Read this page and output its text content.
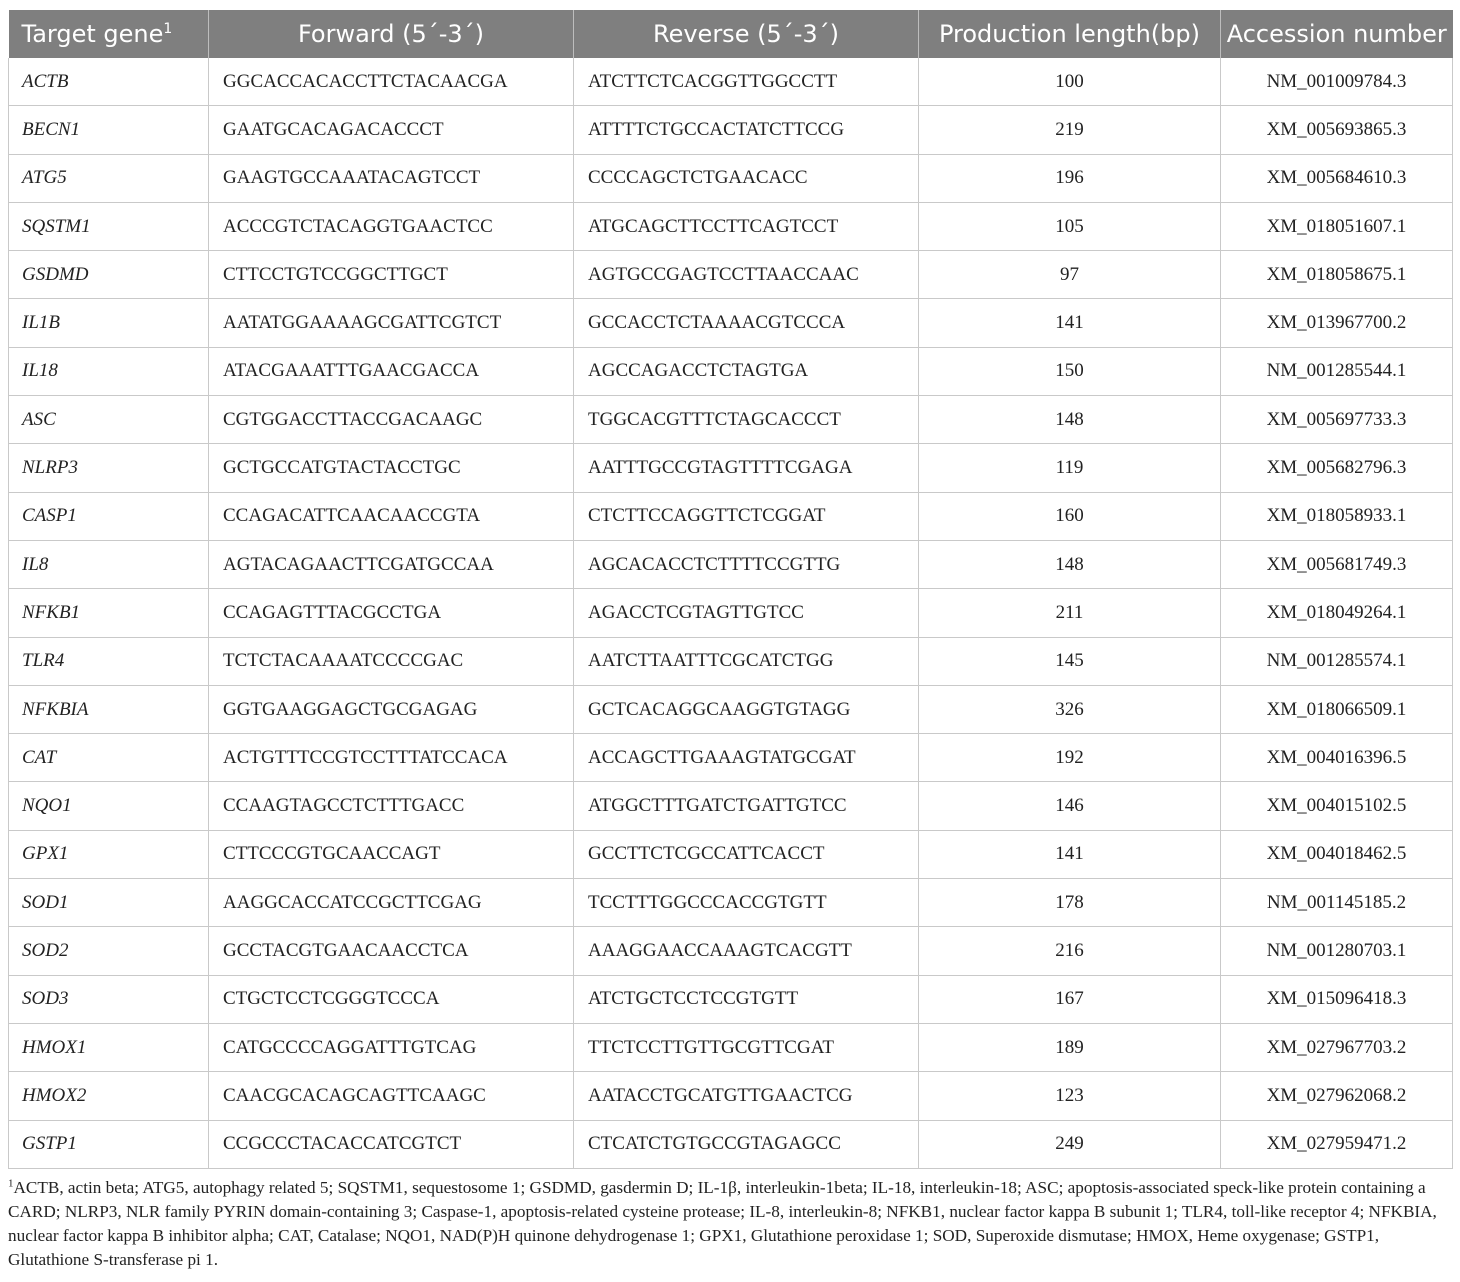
Target gene$^1$	Forward (5´-3´)	Reverse (5´-3´)	Production length(bp)	Accession number
ACTB	GGCACCACACCTTCTACAACGA	ATCTTCTCACGGTTGGCCTT	100	NM_001009784.3
BECN1	GAATGCACAGACACCCT	ATTTTCTGCCACTATCTTCCG	219	XM_005693865.3
ATG5	GAAGTGCCAAATACAGTCCT	CCCCAGCTCTGAACACC	196	XM_005684610.3
SQSTM1	ACCCGTCTACAGGTGAACTCC	ATGCAGCTTCCTTCAGTCCT	105	XM_018051607.1
GSDMD	CTTCCTGTCCGGCTTGCT	AGTGCCGAGTCCTTAACCAAC	97	XM_018058675.1
IL1B	AATATGGAAAAGCGATTCGTCT	GCCACCTCTAAAACGTCCCA	141	XM_013967700.2
IL18	ATACGAAATTTGAACGACCA	AGCCAGACCTCTAGTGA	150	NM_001285544.1
ASC	CGTGGACCTTACCGACAAGC	TGGCACGTTTCTAGCACCCT	148	XM_005697733.3
NLRP3	GCTGCCATGTACTACCTGC	AATTTGCCGTAGTTTTCGAGA	119	XM_005682796.3
CASP1	CCAGACATTCAACAACCGTA	CTCTTCCAGGTTCTCGGAT	160	XM_018058933.1
IL8	AGTACAGAACTTCGATGCCAA	AGCACACCTCTTTTCCGTTG	148	XM_005681749.3
NFKB1	CCAGAGTTTACGCCTGA	AGACCTCGTAGTTGTCC	211	XM_018049264.1
TLR4	TCTCTACAAAATCCCCGAC	AATCTTAATTTCGCATCTGG	145	NM_001285574.1
NFKBIA	GGTGAAGGAGCTGCGAGAG	GCTCACAGGCAAGGTGTAGG	326	XM_018066509.1
CAT	ACTGTTTCCGTCCTTTATCCACA	ACCAGCTTGAAAGTATGCGAT	192	XM_004016396.5
NQO1	CCAAGTAGCCTCTTTGACC	ATGGCTTTGATCTGATTGTCC	146	XM_004015102.5
GPX1	CTTCCCGTGCAACCAGT	GCCTTCTCGCCATTCACCT	141	XM_004018462.5
SOD1	AAGGCACCATCCGCTTCGAG	TCCTTTGGCCCACCGTGTT	178	NM_001145185.2
SOD2	GCCTACGTGAACAACCTCA	AAAGGAACCAAAGTCACGTT	216	NM_001280703.1
SOD3	CTGCTCCTCGGGTCCCA	ATCTGCTCCTCCGTGTT	167	XM_015096418.3
HMOX1	CATGCCCCAGGATTTGTCAG	TTCTCCTTGTTGCGTTCGAT	189	XM_027967703.2
HMOX2	CAACGCACAGCAGTTCAAGC	AATACCTGCATGTTGAACTCG	123	XM_027962068.2
GSTP1	CCGCCCTACACCATCGTCT	CTCATCTGTGCCGTAGAGCC	249	XM_027959471.2
$^1$ACTB, actin beta; ATG5, autophagy related 5; SQSTM1, sequestosome 1; GSDMD, gasdermin D; IL-1β, interleukin-1beta; IL-18, interleukin-18; ASC; apoptosis-associated speck-like protein containing a CARD; NLRP3, NLR family PYRIN domain-containing 3; Caspase-1, apoptosis-related cysteine protease; IL-8, interleukin-8; NFKB1, nuclear factor kappa B subunit 1; TLR4, toll-like receptor 4; NFKBIA, nuclear factor kappa B inhibitor alpha; CAT, Catalase; NQO1, NAD(P)H quinone dehydrogenase 1; GPX1, Glutathione peroxidase 1; SOD, Superoxide dismutase; HMOX, Heme oxygenase; GSTP1, Glutathione S-transferase pi 1.
